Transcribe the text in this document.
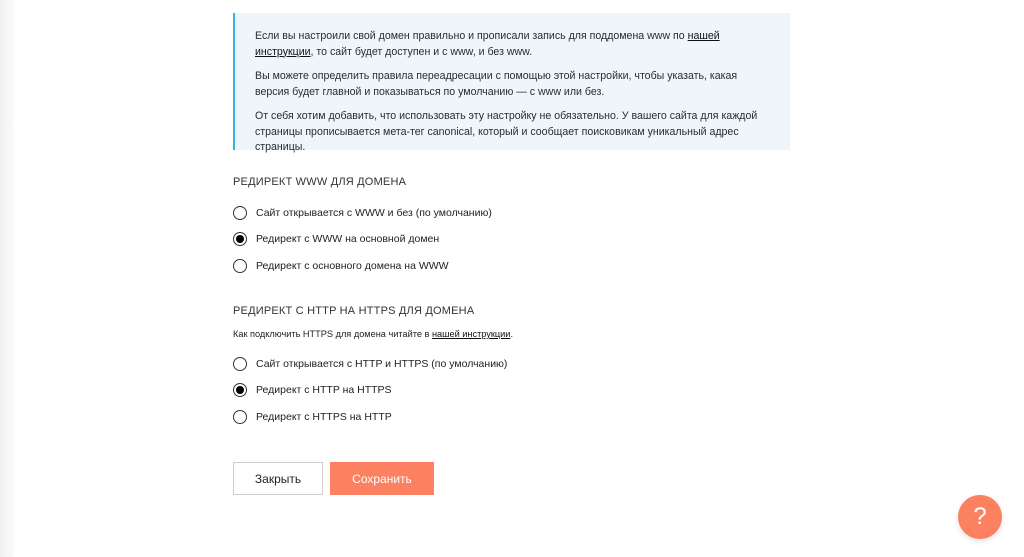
Если вы настроили свой домен правильно и прописали запись для поддомена www по нашей инструкции, то сайт будет доступен и с www, и без www.

Вы можете определить правила переадресации с помощью этой настройки, чтобы указать, какая версия будет главной и показываться по умолчанию — с www или без.

От себя хотим добавить, что использовать эту настройку не обязательно. У вашего сайта для каждой страницы прописывается мета-тег canonical, который и сообщает поисковикам уникальный адрес страницы.

РЕДИРЕКТ WWW ДЛЯ ДОМЕНА
Сайт открывается с WWW и без (по умолчанию)
Редирект с WWW на основной домен
Редирект с основного домена на WWW
РЕДИРЕКТ С HTTP НА HTTPS ДЛЯ ДОМЕНА
Как подключить HTTPS для домена читайте в нашей инструкции.
Сайт открывается с HTTP и HTTPS (по умолчанию)
Редирект с HTTP на HTTPS
Редирект с HTTPS на HTTP
Закрыть	Сохранить
?
